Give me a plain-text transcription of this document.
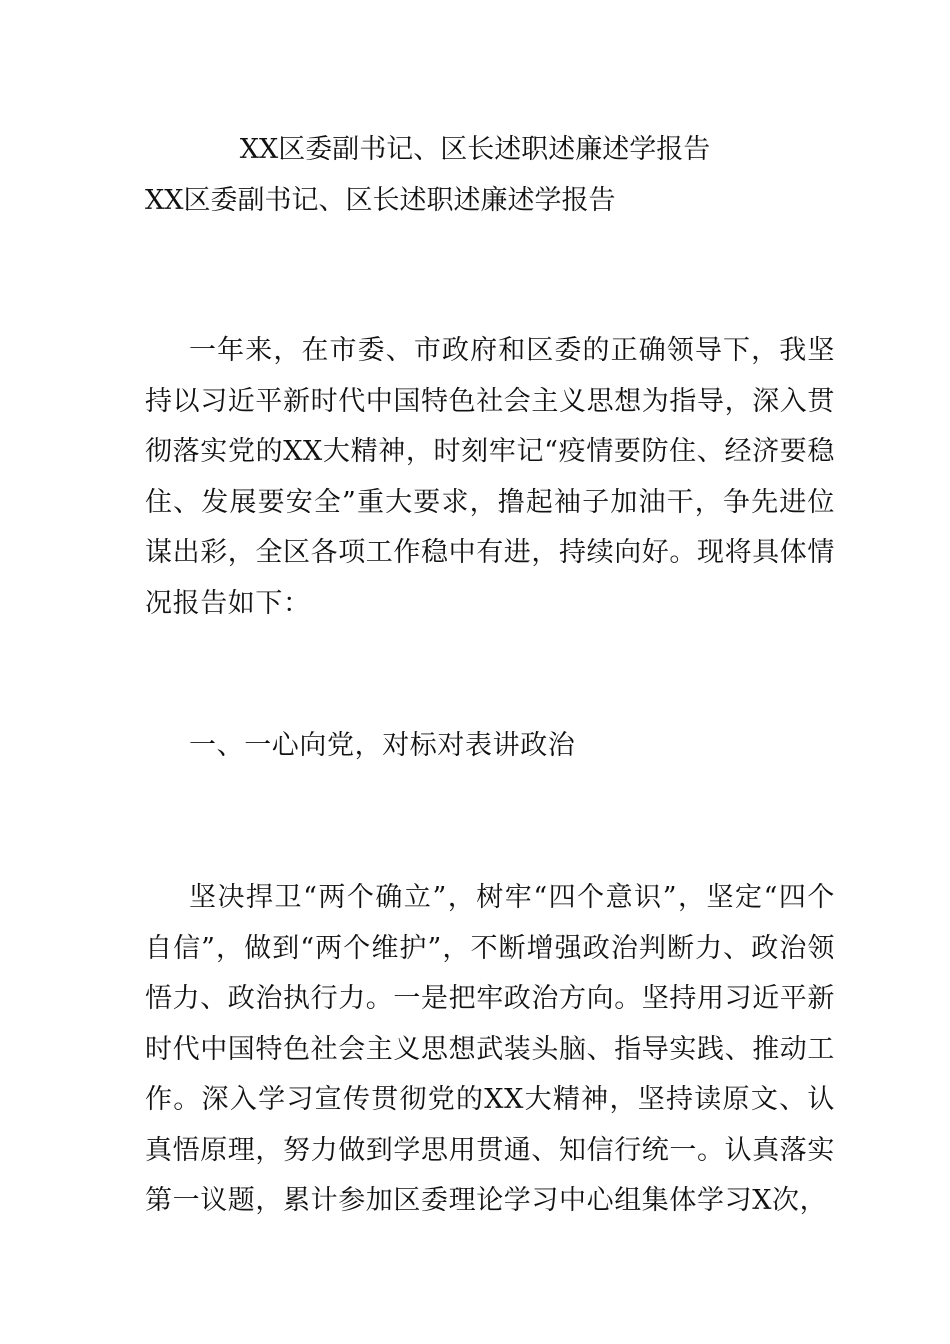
XX区委副书记、区长述职述廉述学报告
XX区委副书记、区长述职述廉述学报告

一年来，在市委、市政府和区委的正确领导下，我坚持以习近平新时代中国特色社会主义思想为指导，深入贯彻落实党的XX大精神，时刻牢记“疫情要防住、经济要稳住、发展要安全”重大要求，撸起袖子加油干，争先进位谋出彩，全区各项工作稳中有进，持续向好。现将具体情况报告如下：

一、一心向党，对标对表讲政治

坚决捍卫“两个确立”，树牢“四个意识”，坚定“四个自信”，做到“两个维护”，不断增强政治判断力、政治领悟力、政治执行力。一是把牢政治方向。坚持用习近平新时代中国特色社会主义思想武装头脑、指导实践、推动工作。深入学习宣传贯彻党的XX大精神，坚持读原文、认真悟原理，努力做到学思用贯通、知信行统一。认真落实第一议题，累计参加区委理论学习中心组集体学习X次，
